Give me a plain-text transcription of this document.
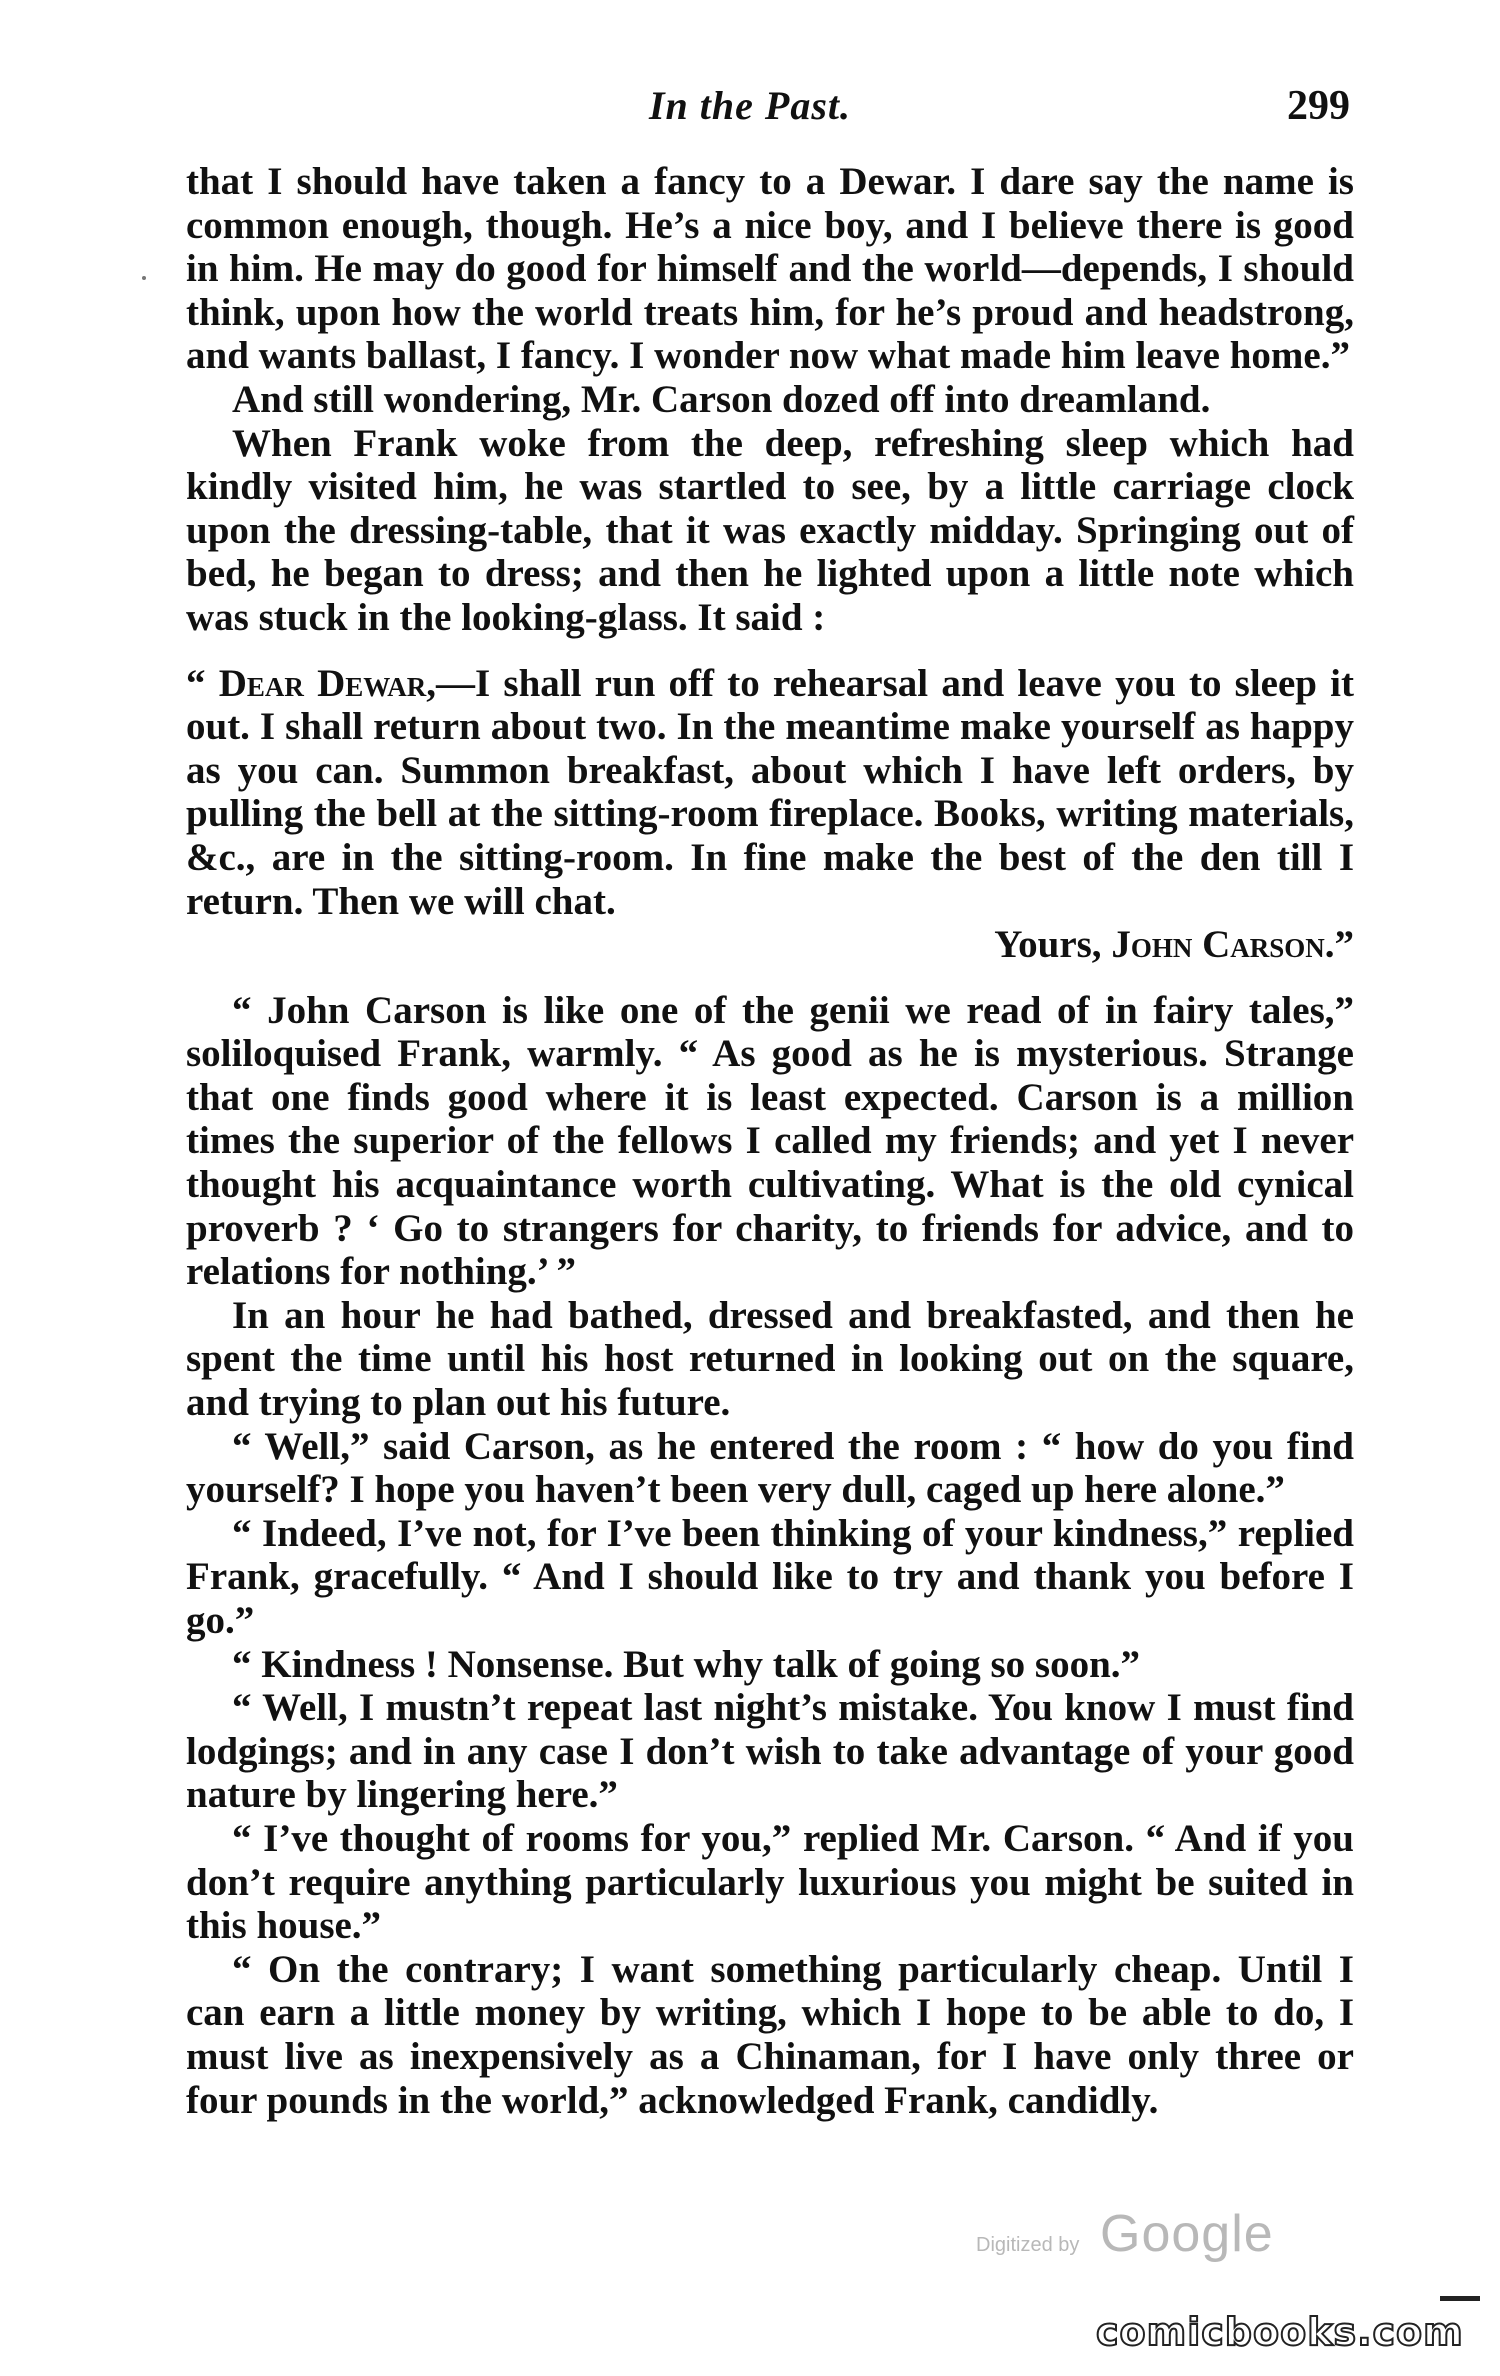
In the Past.	299

that I should have taken a fancy to a Dewar. I dare say the name is common enough, though. He’s a nice boy, and I believe there is good in him. He may do good for himself and the world—depends, I should think, upon how the world treats him, for he’s proud and headstrong, and wants ballast, I fancy. I wonder now what made him leave home.”

And still wondering, Mr. Carson dozed off into dreamland.

When Frank woke from the deep, refreshing sleep which had kindly visited him, he was startled to see, by a little carriage clock upon the dressing-table, that it was exactly midday. Springing out of bed, he began to dress; and then he lighted upon a little note which was stuck in the looking-glass. It said :

“ Dear Dewar,—I shall run off to rehearsal and leave you to sleep it out. I shall return about two. In the meantime make yourself as happy as you can. Summon breakfast, about which I have left orders, by pulling the bell at the sitting-room fireplace. Books, writing materials, &c., are in the sitting-room. In fine make the best of the den till I return. Then we will chat.

Yours, John Carson.”

“ John Carson is like one of the genii we read of in fairy tales,” soliloquised Frank, warmly. “ As good as he is mysterious. Strange that one finds good where it is least expected. Carson is a million times the superior of the fellows I called my friends; and yet I never thought his acquaintance worth cultivating. What is the old cynical proverb ? ‘ Go to strangers for charity, to friends for advice, and to relations for nothing.’ ”

In an hour he had bathed, dressed and breakfasted, and then he spent the time until his host returned in looking out on the square, and trying to plan out his future.

“ Well,” said Carson, as he entered the room : “ how do you find yourself? I hope you haven’t been very dull, caged up here alone.”

“ Indeed, I’ve not, for I’ve been thinking of your kindness,” replied Frank, gracefully. “ And I should like to try and thank you before I go.”

“ Kindness ! Nonsense. But why talk of going so soon.”

“ Well, I mustn’t repeat last night’s mistake. You know I must find lodgings; and in any case I don’t wish to take advantage of your good nature by lingering here.”

“ I’ve thought of rooms for you,” replied Mr. Carson. “ And if you don’t require anything particularly luxurious you might be suited in this house.”

“ On the contrary; I want something particularly cheap. Until I can earn a little money by writing, which I hope to be able to do, I must live as inexpensively as a Chinaman, for I have only three or four pounds in the world,” acknowledged Frank, candidly.

Digitized by Google
comicbooks.com
